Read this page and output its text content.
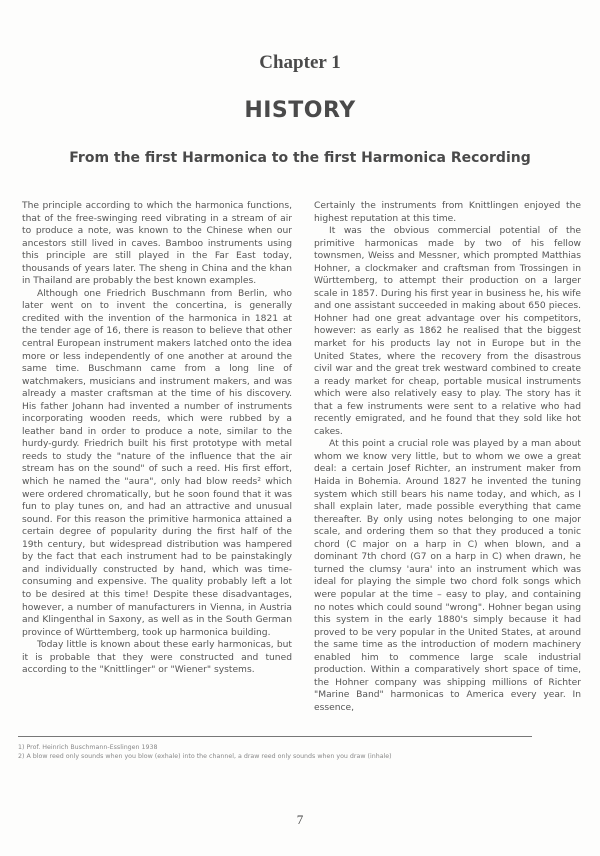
Chapter 1
HISTORY
From the first Harmonica to the first Harmonica Recording

The principle according to which the harmonica functions, that of the free-swinging reed vibrating in a stream of air to produce a note, was known to the Chinese when our ancestors still lived in caves. Bamboo instruments using this principle are still played in the Far East today, thousands of years later. The sheng in China and the khan in Thailand are probably the best known examples.

Although one Friedrich Buschmann from Berlin, who later went on to invent the concertina, is generally credited with the invention of the harmonica in 1821 at the tender age of 16, there is reason to believe that other central European instrument makers latched onto the idea more or less independently of one another at around the same time. Buschmann came from a long line of watchmakers, musicians and instrument makers, and was already a master craftsman at the time of his discovery. His father Johann had invented a number of instruments incorporating wooden reeds, which were rubbed by a leather band in order to produce a note, similar to the hurdy-gurdy. Friedrich built his first prototype with metal reeds to study the "nature of the influence that the air stream has on the sound" of such a reed. His first effort, which he named the "aura", only had blow reeds² which were ordered chromatically, but he soon found that it was fun to play tunes on, and had an attractive and unusual sound. For this reason the primitive harmonica attained a certain degree of popularity during the first half of the 19th century, but widespread distribution was hampered by the fact that each instrument had to be painstakingly and individually constructed by hand, which was time-consuming and expensive. The quality probably left a lot to be desired at this time! Despite these disadvantages, however, a number of manufacturers in Vienna, in Austria and Klingenthal in Saxony, as well as in the South German province of Württemberg, took up harmonica building.

Today little is known about these early harmonicas, but it is probable that they were constructed and tuned according to the "Knittlinger" or "Wiener" systems.

Certainly the instruments from Knittlingen enjoyed the highest reputation at this time.

It was the obvious commercial potential of the primitive harmonicas made by two of his fellow townsmen, Weiss and Messner, which prompted Matthias Hohner, a clockmaker and craftsman from Trossingen in Württemberg, to attempt their production on a larger scale in 1857. During his first year in business he, his wife and one assistant succeeded in making about 650 pieces. Hohner had one great advantage over his competitors, however: as early as 1862 he realised that the biggest market for his products lay not in Europe but in the United States, where the recovery from the disastrous civil war and the great trek westward combined to create a ready market for cheap, portable musical instruments which were also relatively easy to play. The story has it that a few instruments were sent to a relative who had recently emigrated, and he found that they sold like hot cakes.

At this point a crucial role was played by a man about whom we know very little, but to whom we owe a great deal: a certain Josef Richter, an instrument maker from Haida in Bohemia. Around 1827 he invented the tuning system which still bears his name today, and which, as I shall explain later, made possible everything that came thereafter. By only using notes belonging to one major scale, and ordering them so that they produced a tonic chord (C major on a harp in C) when blown, and a dominant 7th chord (G7 on a harp in C) when drawn, he turned the clumsy 'aura' into an instrument which was ideal for playing the simple two chord folk songs which were popular at the time – easy to play, and containing no notes which could sound "wrong". Hohner began using this system in the early 1880's simply because it had proved to be very popular in the United States, at around the same time as the introduction of modern machinery enabled him to commence large scale industrial production. Within a comparatively short space of time, the Hohner company was shipping millions of Richter "Marine Band" harmonicas to America every year. In essence,

1) Prof. Heinrich Buschmann-Esslingen 1938
2) A blow reed only sounds when you blow (exhale) into the channel, a draw reed only sounds when you draw (inhale)
7
